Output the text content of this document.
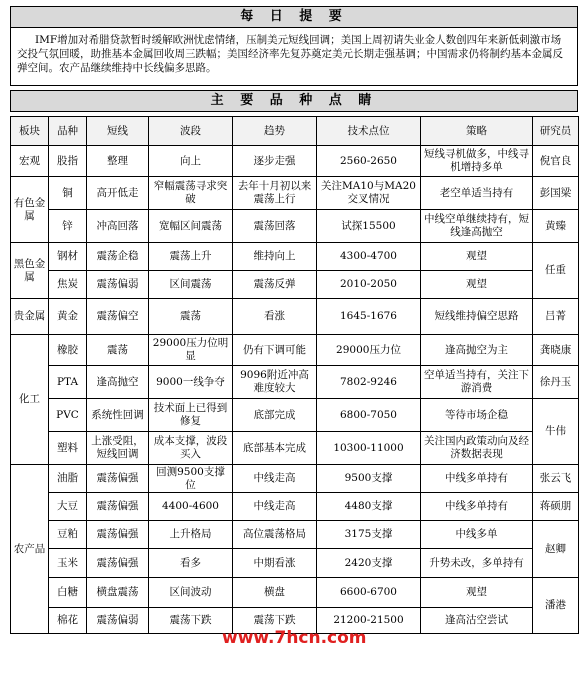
每 日 提 要
IMF增加对希腊贷款暂时缓解欧洲忧虑情绪，压制美元短线回调；美国上周初请失业金人数创四年来新低刺激市场交投气氛回暖，助推基本金属回收周三跌幅；美国经济率先复苏奠定美元长期走强基调；中国需求仍将制约基本金属反弹空间。农产品继续维持中长线偏多思路。
主 要 品 种 点 睛
板块	品种	短线	波段	趋势	技术点位	策略	研究员
宏观	股指	整理	向上	逐步走强	2560-2650	短线寻机做多，中线寻机增持多单	倪官良
有色金属	铜	高开低走	窄幅震荡寻求突破	去年十月初以来震荡上行	关注MA10与MA20交叉情况	老空单适当持有	彭国梁
	锌	冲高回落	宽幅区间震荡	震荡回落	试探15500	中线空单继续持有，短线逢高抛空	黄臻
黑色金属	钢材	震荡企稳	震荡上升	维持向上	4300-4700	观望	任重
	焦炭	震荡偏弱	区间震荡	震荡反弹	2010-2050	观望	
贵金属	黄金	震荡偏空	震荡	看涨	1645-1676	短线维持偏空思路	吕菁
化工	橡胶	震荡	29000压力位明显	仍有下调可能	29000压力位	逢高抛空为主	龚晓康
	PTA	逢高抛空	9000一线争夺	9096附近冲高难度较大	7802-9246	空单适当持有，关注下游消费	徐丹玉
	PVC	系统性回调	技术面上已得到修复	底部完成	6800-7050	等待市场企稳	牛伟
	塑料	上涨受阻，短线回调	成本支撑，波段买入	底部基本完成	10300-11000	关注国内政策动向及经济数据表现	
农产品	油脂	震荡偏强	回测9500支撑位	中线走高	9500支撑	中线多单持有	张云飞
	大豆	震荡偏强	4400-4600	中线走高	4480支撑	中线多单持有	蒋硕朋
	豆粕	震荡偏强	上升格局	高位震荡格局	3175支撑	中线多单	赵卿
	玉米	震荡偏强	看多	中期看涨	2420支撑	升势未改，多单持有	
	白糖	横盘震荡	区间波动	横盘	6600-6700	观望	潘港
	棉花	震荡偏弱	震荡下跌	震荡下跌	21200-21500	逢高沽空尝试	
www.7hcn.com
